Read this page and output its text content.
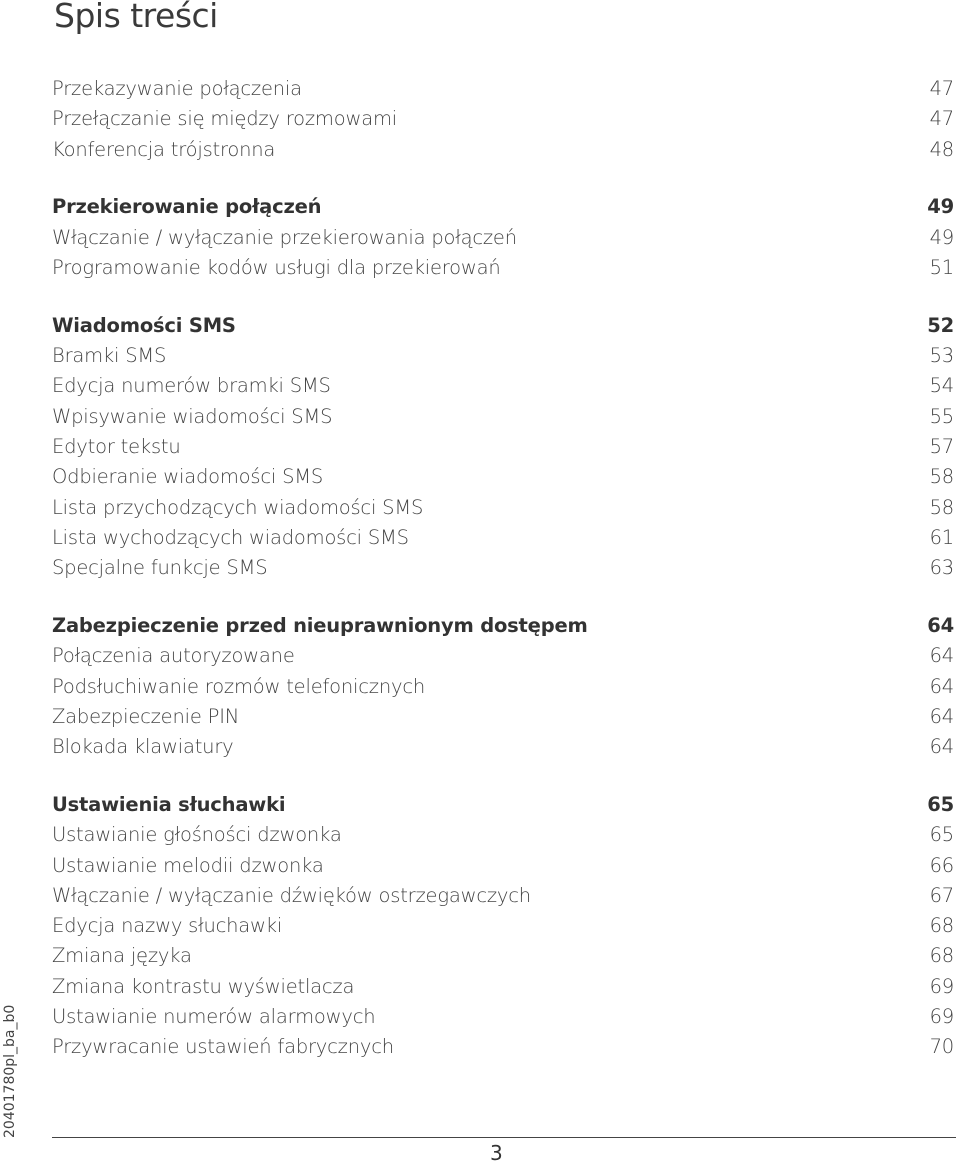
Spis treści
Przekazywanie połączenia	47
Przełączanie się między rozmowami	47
Konferencja trójstronna	48
Przekierowanie połączeń	49
Włączanie / wyłączanie przekierowania połączeń	49
Programowanie kodów usługi dla przekierowań	51
Wiadomości SMS	52
Bramki SMS	53
Edycja numerów bramki SMS	54
Wpisywanie wiadomości SMS	55
Edytor tekstu	57
Odbieranie wiadomości SMS	58
Lista przychodzących wiadomości SMS	58
Lista wychodzących wiadomości SMS	61
Specjalne funkcje SMS	63
Zabezpieczenie przed nieuprawnionym dostępem	64
Połączenia autoryzowane	64
Podsłuchiwanie rozmów telefonicznych	64
Zabezpieczenie PIN	64
Blokada klawiatury	64
Ustawienia słuchawki	65
Ustawianie głośności dzwonka	65
Ustawianie melodii dzwonka	66
Włączanie / wyłączanie dźwięków ostrzegawczych	67
Edycja nazwy słuchawki	68
Zmiana języka	68
Zmiana kontrastu wyświetlacza	69
Ustawianie numerów alarmowych	69
Przywracanie ustawień fabrycznych	70
20401780pl_ba_b0
3
